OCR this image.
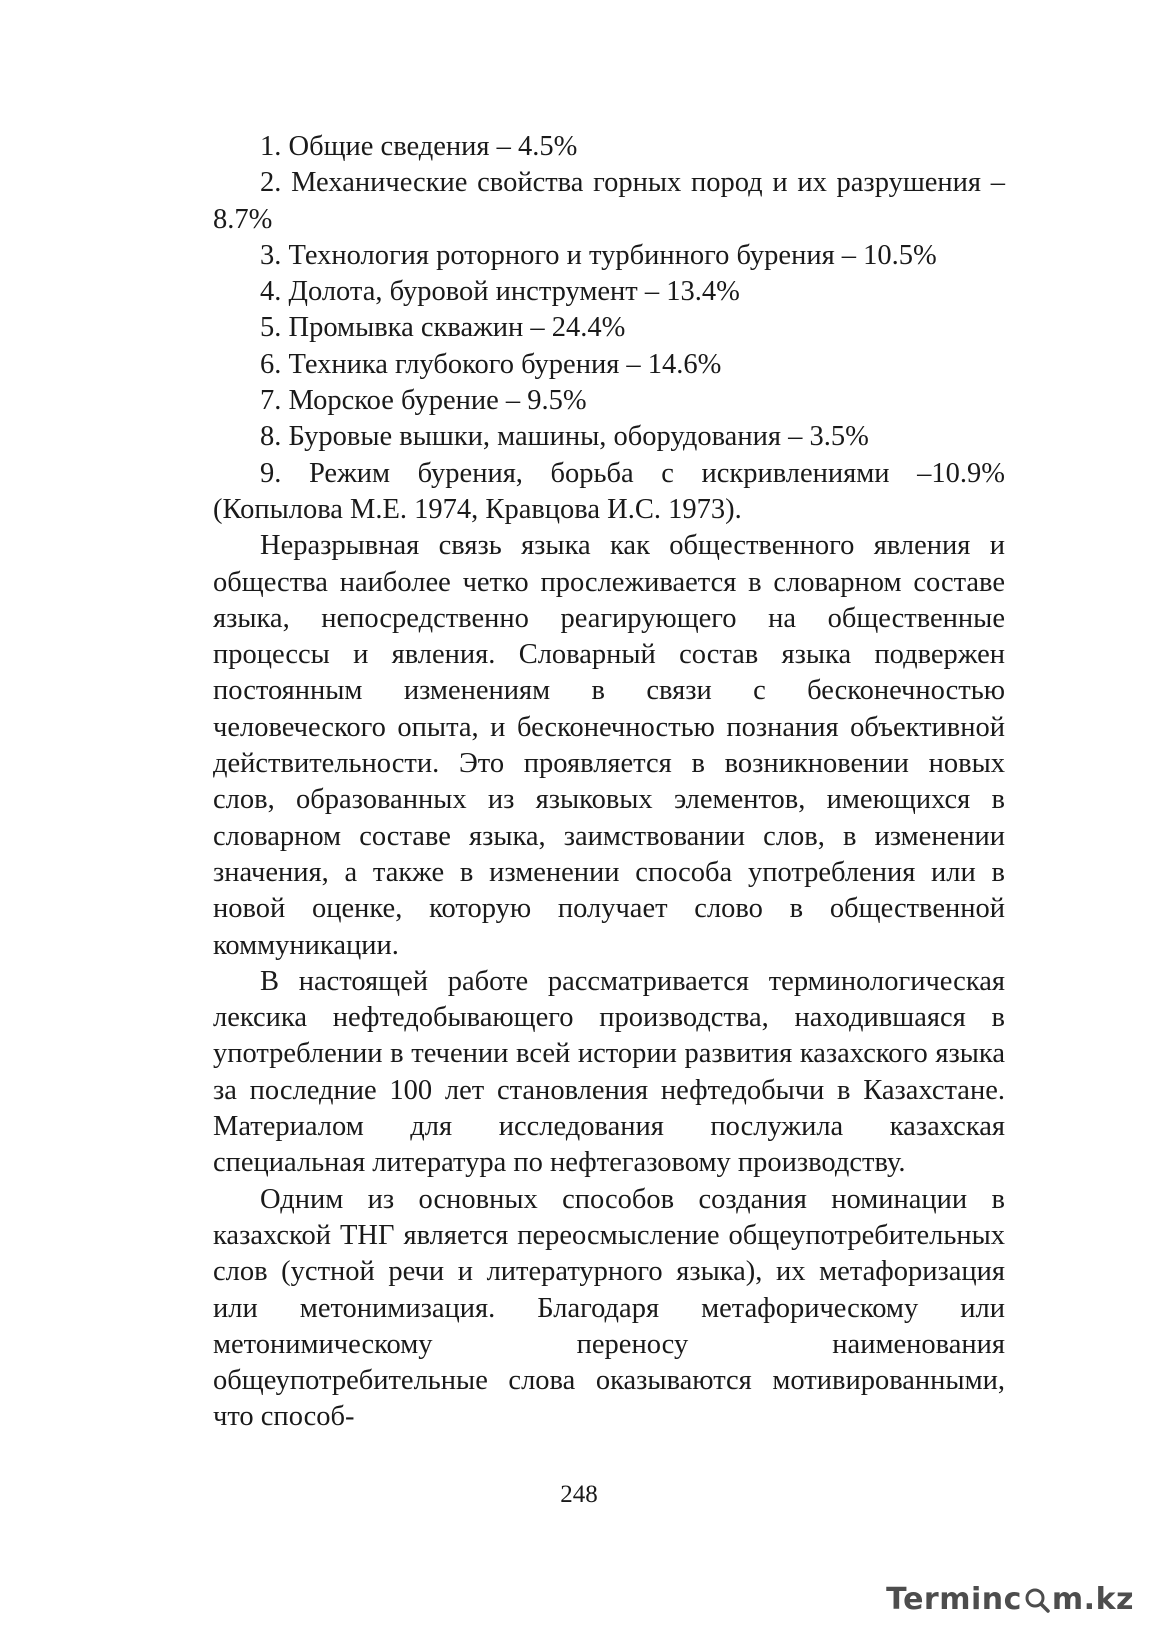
1. Общие сведения – 4.5%

2. Механические свойства горных пород и их разрушения – 8.7%

3. Технология роторного и турбинного бурения – 10.5%

4. Долота, буровой инструмент – 13.4%

5. Промывка скважин – 24.4%

6. Техника глубокого бурения – 14.6%

7. Морское бурение – 9.5%

8. Буровые вышки, машины, оборудования – 3.5%

9. Режим бурения, борьба с искривлениями –10.9% (Копылова М.Е. 1974, Кравцова И.С. 1973).

Неразрывная связь языка как общественного явления и общества наиболее четко прослеживается в словарном составе языка, непосредственно реагирующего на общественные процессы и явления. Словарный состав языка подвержен постоянным изменениям в связи с бесконечностью человеческого опыта, и бесконечностью познания объективной действительности. Это проявляется в возникновении новых слов, образованных из языковых элементов, имеющихся в словарном составе языка, заимствовании слов, в изменении значения, а также в изменении способа употребления или в новой оценке, которую получает слово в общественной коммуникации.

В настоящей работе рассматривается терминологическая лексика нефтедобывающего производства, находившаяся в употреблении в течении всей истории развития казахского языка за последние 100 лет становления нефтедобычи в Казахстане. Материалом для исследования послужила казахская специальная литература по нефтегазовому производству.

Одним из основных способов создания номинации в казахской ТНГ является переосмысление общеупотребительных слов (устной речи и литературного языка), их метафоризация или метонимизация. Благодаря метафорическому или метонимическому переносу наименования общеупотребительные слова оказываются мотивированными, что способ-

248
Terminc m.kz
